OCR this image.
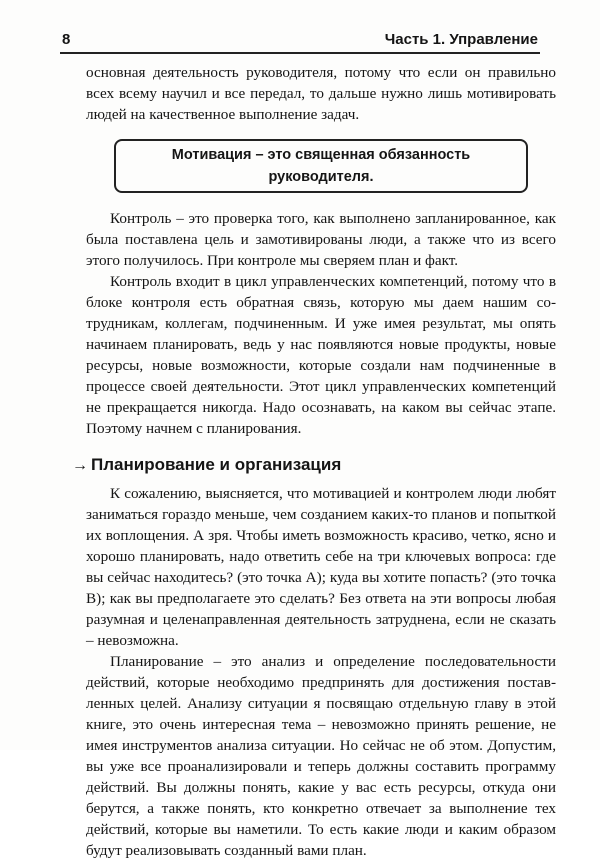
8	Часть 1. Управление

основная деятельность руководителя, потому что если он правильно всех всему научил и все передал, то дальше нужно лишь мотивировать людей на качественное выполнение задач.

Мотивация – это священная обязанность руководителя.

Контроль – это проверка того, как выполнено запланированное, как была поставлена цель и замотивированы люди, а также что из всего этого получилось. При контроле мы сверяем план и факт.

Контроль входит в цикл управленческих компетенций, потому что в блоке контроля есть обратная связь, которую мы даем нашим сотрудникам, коллегам, подчиненным. И уже имея результат, мы опять начинаем планировать, ведь у нас появляются новые продукты, новые ресурсы, новые возможности, которые создали нам подчиненные в процессе своей деятельности. Этот цикл управленческих компетенций не прекращается никогда. Надо осознавать, на каком вы сейчас этапе. Поэтому начнем с планирования.

→ Планирование и организация

К сожалению, выясняется, что мотивацией и контролем люди любят заниматься гораздо меньше, чем созданием каких-то планов и попыткой их воплощения. А зря. Чтобы иметь возможность красиво, четко, ясно и хорошо планировать, надо ответить себе на три ключевых вопроса: где вы сейчас находитесь? (это точка А); куда вы хотите попасть? (это точка В); как вы предполагаете это сделать? Без ответа на эти вопросы любая разумная и целенаправленная деятельность затруднена, если не сказать – невозможна.

Планирование – это анализ и определение последовательности действий, которые необходимо предпринять для достижения поставленных целей. Анализу ситуации я посвящаю отдельную главу в этой книге, это очень интересная тема – невозможно принять решение, не имея инструментов анализа ситуации. Но сейчас не об этом. Допустим, вы уже все проанализировали и теперь должны составить программу действий. Вы должны понять, какие у вас есть ресурсы, откуда они берутся, а также понять, кто конкретно отвечает за выполнение тех действий, которые вы наметили. То есть какие люди и каким образом будут реализовывать созданный вами план.
